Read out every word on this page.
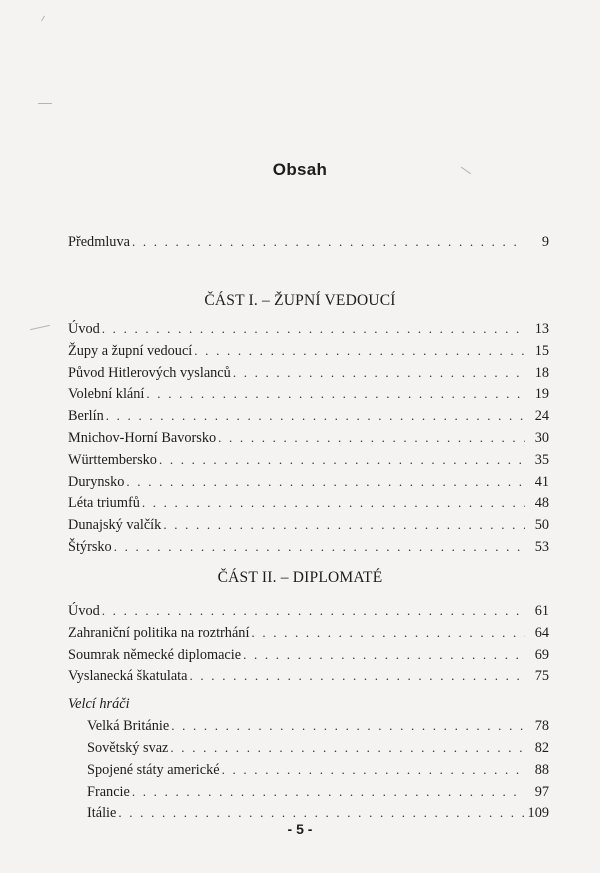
Obsah
Předmluva . . .	9
ČÁST I. – ŽUPNÍ VEDOUCÍ
Úvod . . .	13
Župy a župní vedoucí . . .	15
Původ Hitlerových vyslanců . . .	18
Volební klání . . .	19
Berlín . . .	24
Mnichov-Horní Bavorsko . . .	30
Württembersko . . .	35
Durynsko . . .	41
Léta triumfů . . .	48
Dunajský valčík . . .	50
Štýrsko . . .	53
ČÁST II. – DIPLOMATÉ
Úvod . . .	61
Zahraniční politika na roztrhání . . .	64
Soumrak německé diplomacie . . .	69
Vyslanecká škatulata . . .	75
Velcí hráči
Velká Británie . . .	78
Sovětský svaz . . .	82
Spojené státy americké . . .	88
Francie . . .	97
Itálie . . .	109
- 5 -
